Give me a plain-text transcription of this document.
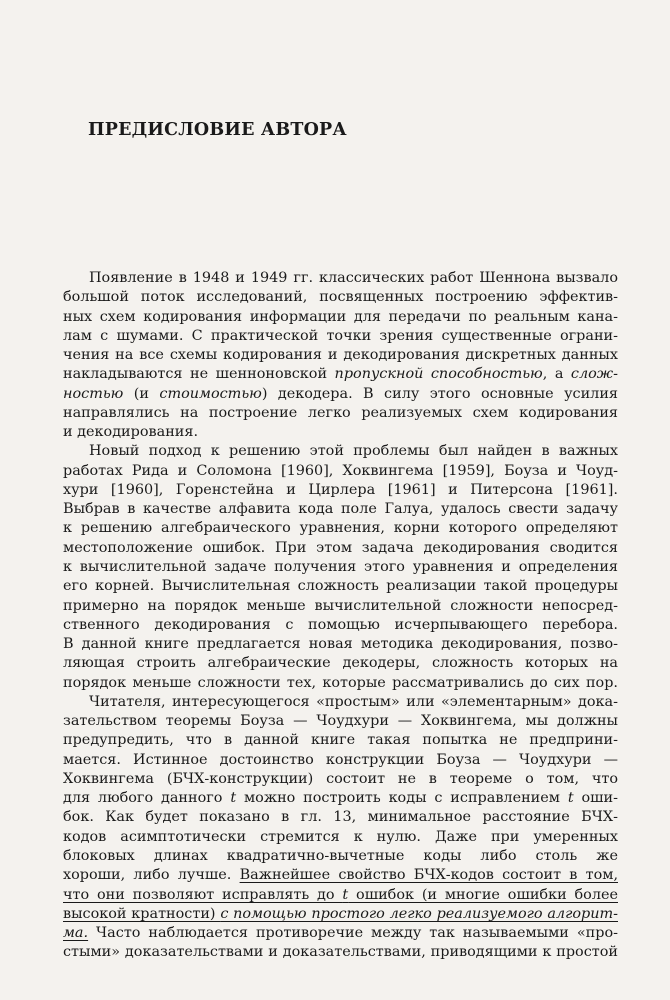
ПРЕДИСЛОВИЕ АВТОРА
Появление в 1948 и 1949 гг. классических работ Шеннона вызвало
большой поток исследований, посвященных построению эффектив-
ных схем кодирования информации для передачи по реальным кана-
лам с шумами. С практической точки зрения существенные ограни-
чения на все схемы кодирования и декодирования дискретных данных
накладываются не шенноновской пропускной способностью, а слож-
ностью (и стоимостью) декодера. В силу этого основные усилия
направлялись на построение легко реализуемых схем кодирования
и декодирования.
Новый подход к решению этой проблемы был найден в важных
работах Рида и Соломона [1960], Хоквингема [1959], Боуза и Чоуд-
хури [1960], Горенстейна и Цирлера [1961] и Питерсона [1961].
Выбрав в качестве алфавита кода поле Галуа, удалось свести задачу
к решению алгебраического уравнения, корни которого определяют
местоположение ошибок. При этом задача декодирования сводится
к вычислительной задаче получения этого уравнения и определения
его корней. Вычислительная сложность реализации такой процедуры
примерно на порядок меньше вычислительной сложности непосред-
ственного декодирования с помощью исчерпывающего перебора.
В данной книге предлагается новая методика декодирования, позво-
ляющая строить алгебраические декодеры, сложность которых на
порядок меньше сложности тех, которые рассматривались до сих пор.
Читателя, интересующегося «простым» или «элементарным» дока-
зательством теоремы Боуза — Чоудхури — Хоквингема, мы должны
предупредить, что в данной книге такая попытка не предприни-
мается. Истинное достоинство конструкции Боуза — Чоудхури —
Хоквингема (БЧХ-конструкции) состоит не в теореме о том, что
для любого данного t можно построить коды с исправлением t оши-
бок. Как будет показано в гл. 13, минимальное расстояние БЧХ-
кодов асимптотически стремится к нулю. Даже при умеренных
блоковых длинах квадратично-вычетные коды либо столь же
хороши, либо лучше. Важнейшее свойство БЧХ-кодов состоит в том,
что они позволяют исправлять до t ошибок (и многие ошибки более
высокой кратности) с помощью простого легко реализуемого алгорит-
ма. Часто наблюдается противоречие между так называемыми «про-
стыми» доказательствами и доказательствами, приводящими к простой
